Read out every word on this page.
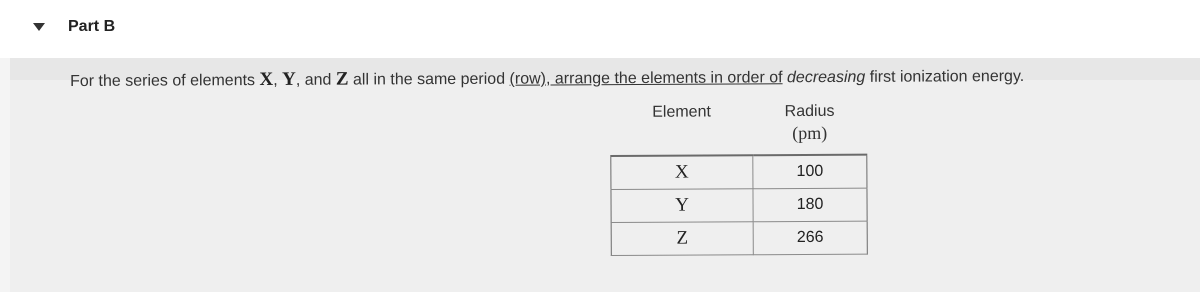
Part B
For the series of elements X, Y, and Z all in the same period (row), arrange the elements in order of decreasing first ionization energy.
Element	Radius
(pm)

X	100
Y	180
Z	266
